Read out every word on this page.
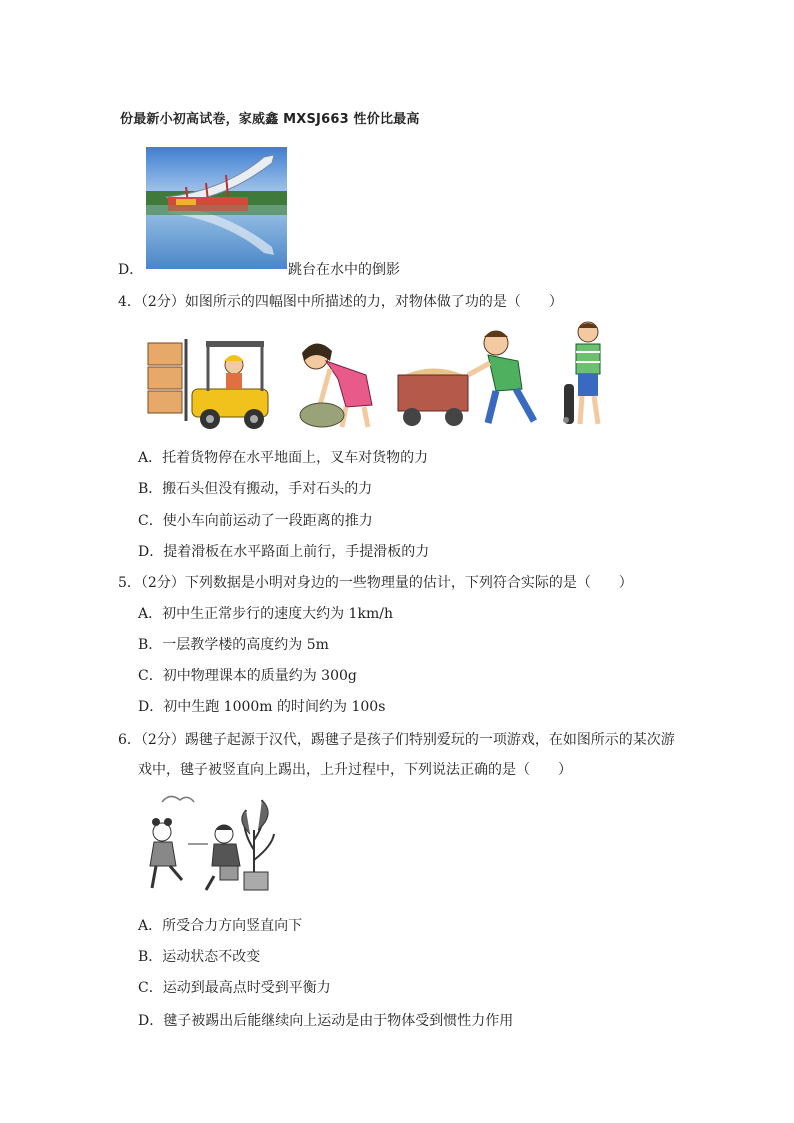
份最新小初高试卷，家威鑫 MXSJ663 性价比最高
D．	跳台在水中的倒影
4．（2分）如图所示的四幅图中所描述的力，对物体做了功的是（　　）
A．托着货物停在水平地面上，叉车对货物的力
B．搬石头但没有搬动，手对石头的力
C．使小车向前运动了一段距离的推力
D．提着滑板在水平路面上前行，手提滑板的力
5．（2分）下列数据是小明对身边的一些物理量的估计，下列符合实际的是（　　）
A．初中生正常步行的速度大约为 1km/h
B．一层教学楼的高度约为 5m
C．初中物理课本的质量约为 300g
D．初中生跑 1000m 的时间约为 100s
6．（2分）踢毽子起源于汉代，踢毽子是孩子们特别爱玩的一项游戏，在如图所示的某次游
戏中，毽子被竖直向上踢出，上升过程中，下列说法正确的是（　　）
A．所受合力方向竖直向下
B．运动状态不改变
C．运动到最高点时受到平衡力
D．毽子被踢出后能继续向上运动是由于物体受到惯性力作用
